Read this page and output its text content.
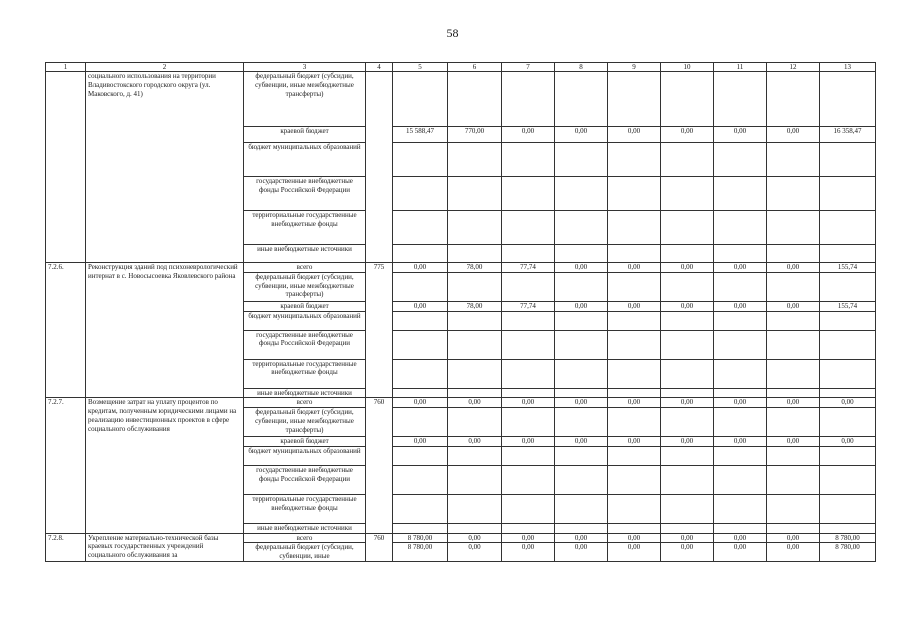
58
1	2	3	4	5	6	7	8	9	10	11	12	13
	социального использования на территории Владивостокского городского округа (ул. Маковского, д. 41)	федеральный бюджет (субсидии, субвенции, иные межбюджетные трансферты)										
		краевой бюджет		15 588,47	770,00	0,00	0,00	0,00	0,00	0,00	0,00	16 358,47
		бюджет муниципальных образований										
		государственные внебюджетные фонды Российской Федерации										
		территориальные государственные внебюджетные фонды										
		иные внебюджетные источники										
7.2.6.	Реконструкция зданий под психоневрологический интернат в с. Новосысоевка Яковлевского района	всего	775	0,00	78,00	77,74	0,00	0,00	0,00	0,00	0,00	155,74
		федеральный бюджет (субсидии, субвенции, иные межбюджетные трансферты)										
		краевой бюджет		0,00	78,00	77,74	0,00	0,00	0,00	0,00	0,00	155,74
		бюджет муниципальных образований										
		государственные внебюджетные фонды Российской Федерации										
		территориальные государственные внебюджетные фонды										
		иные внебюджетные источники										
7.2.7.	Возмещение затрат на уплату процентов по кредитам, полученным юридическими лицами на реализацию инвестиционных проектов в сфере социального обслуживания	всего	760	0,00	0,00	0,00	0,00	0,00	0,00	0,00	0,00	0,00
		федеральный бюджет (субсидии, субвенции, иные межбюджетные трансферты)										
		краевой бюджет		0,00	0,00	0,00	0,00	0,00	0,00	0,00	0,00	0,00
		бюджет муниципальных образований										
		государственные внебюджетные фонды Российской Федерации										
		территориальные государственные внебюджетные фонды										
		иные внебюджетные источники										
7.2.8.	Укрепление материально-технической базы краевых государственных учреждений социального обслуживания за	всего	760	8 780,00	0,00	0,00	0,00	0,00	0,00	0,00	0,00	8 780,00
		федеральный бюджет (субсидии, субвенции, иные		8 780,00	0,00	0,00	0,00	0,00	0,00	0,00	0,00	8 780,00
